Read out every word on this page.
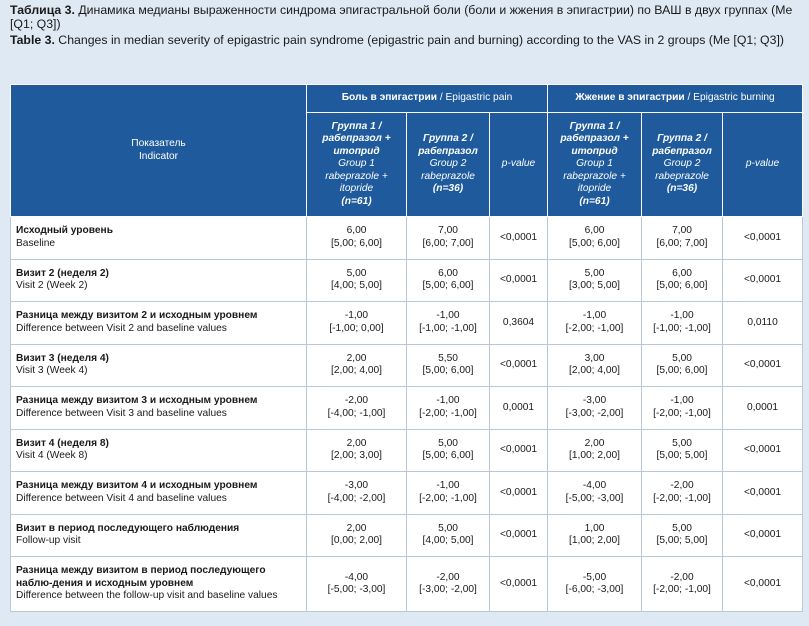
Таблица 3. Динамика медианы выраженности синдрома эпигастральной боли (боли и жжения в эпигастрии) по ВАШ в двух группах (Me [Q1; Q3])
Table 3. Changes in median severity of epigastric pain syndrome (epigastric pain and burning) according to the VAS in 2 groups (Me [Q1; Q3])
Показатель
Indicator	Боль в эпигастрии / Epigastric pain			Жжение в эпигастрии / Epigastric burning		
	Группа 1 / рабепразол + итоприд
Group 1 rabeprazole + itopride
(n=61)	Группа 2 / рабепразол
Group 2 rabeprazole
(n=36)	p-value	Группа 1 / рабепразол + итоприд
Group 1 rabeprazole + itopride
(n=61)	Группа 2 / рабепразол
Group 2 rabeprazole
(n=36)	p-value

Исходный уровень
Baseline	6,00
[5,00; 6,00]	7,00
[6,00; 7,00]	<0,0001	6,00
[5,00; 6,00]	7,00
[6,00; 7,00]	<0,0001

Визит 2 (неделя 2)
Visit 2 (Week 2)	5,00
[4,00; 5,00]	6,00
[5,00; 6,00]	<0,0001	5,00
[3,00; 5,00]	6,00
[5,00; 6,00]	<0,0001

Разница между визитом 2 и исходным уровнем
Difference between Visit 2 and baseline values	-1,00
[-1,00; 0,00]	-1,00
[-1,00; -1,00]	0,3604	-1,00
[-2,00; -1,00]	-1,00
[-1,00; -1,00]	0,0110

Визит 3 (неделя 4)
Visit 3 (Week 4)	2,00
[2,00; 4,00]	5,50
[5,00; 6,00]	<0,0001	3,00
[2,00; 4,00]	5,00
[5,00; 6,00]	<0,0001

Разница между визитом 3 и исходным уровнем
Difference between Visit 3 and baseline values	-2,00
[-4,00; -1,00]	-1,00
[-2,00; -1,00]	0,0001	-3,00
[-3,00; -2,00]	-1,00
[-2,00; -1,00]	0,0001

Визит 4 (неделя 8)
Visit 4 (Week 8)	2,00
[2,00; 3,00]	5,00
[5,00; 6,00]	<0,0001	2,00
[1,00; 2,00]	5,00
[5,00; 5,00]	<0,0001

Разница между визитом 4 и исходным уровнем
Difference between Visit 4 and baseline values	-3,00
[-4,00; -2,00]	-1,00
[-2,00; -1,00]	<0,0001	-4,00
[-5,00; -3,00]	-2,00
[-2,00; -1,00]	<0,0001

Визит в период последующего наблюдения
Follow-up visit	2,00
[0,00; 2,00]	5,00
[4,00; 5,00]	<0,0001	1,00
[1,00; 2,00]	5,00
[5,00; 5,00]	<0,0001

Разница между визитом в период последующего наблю-дения и исходным уровнем
Difference between the follow-up visit and baseline values	-4,00
[-5,00; -3,00]	-2,00
[-3,00; -2,00]	<0,0001	-5,00
[-6,00; -3,00]	-2,00
[-2,00; -1,00]	<0,0001
